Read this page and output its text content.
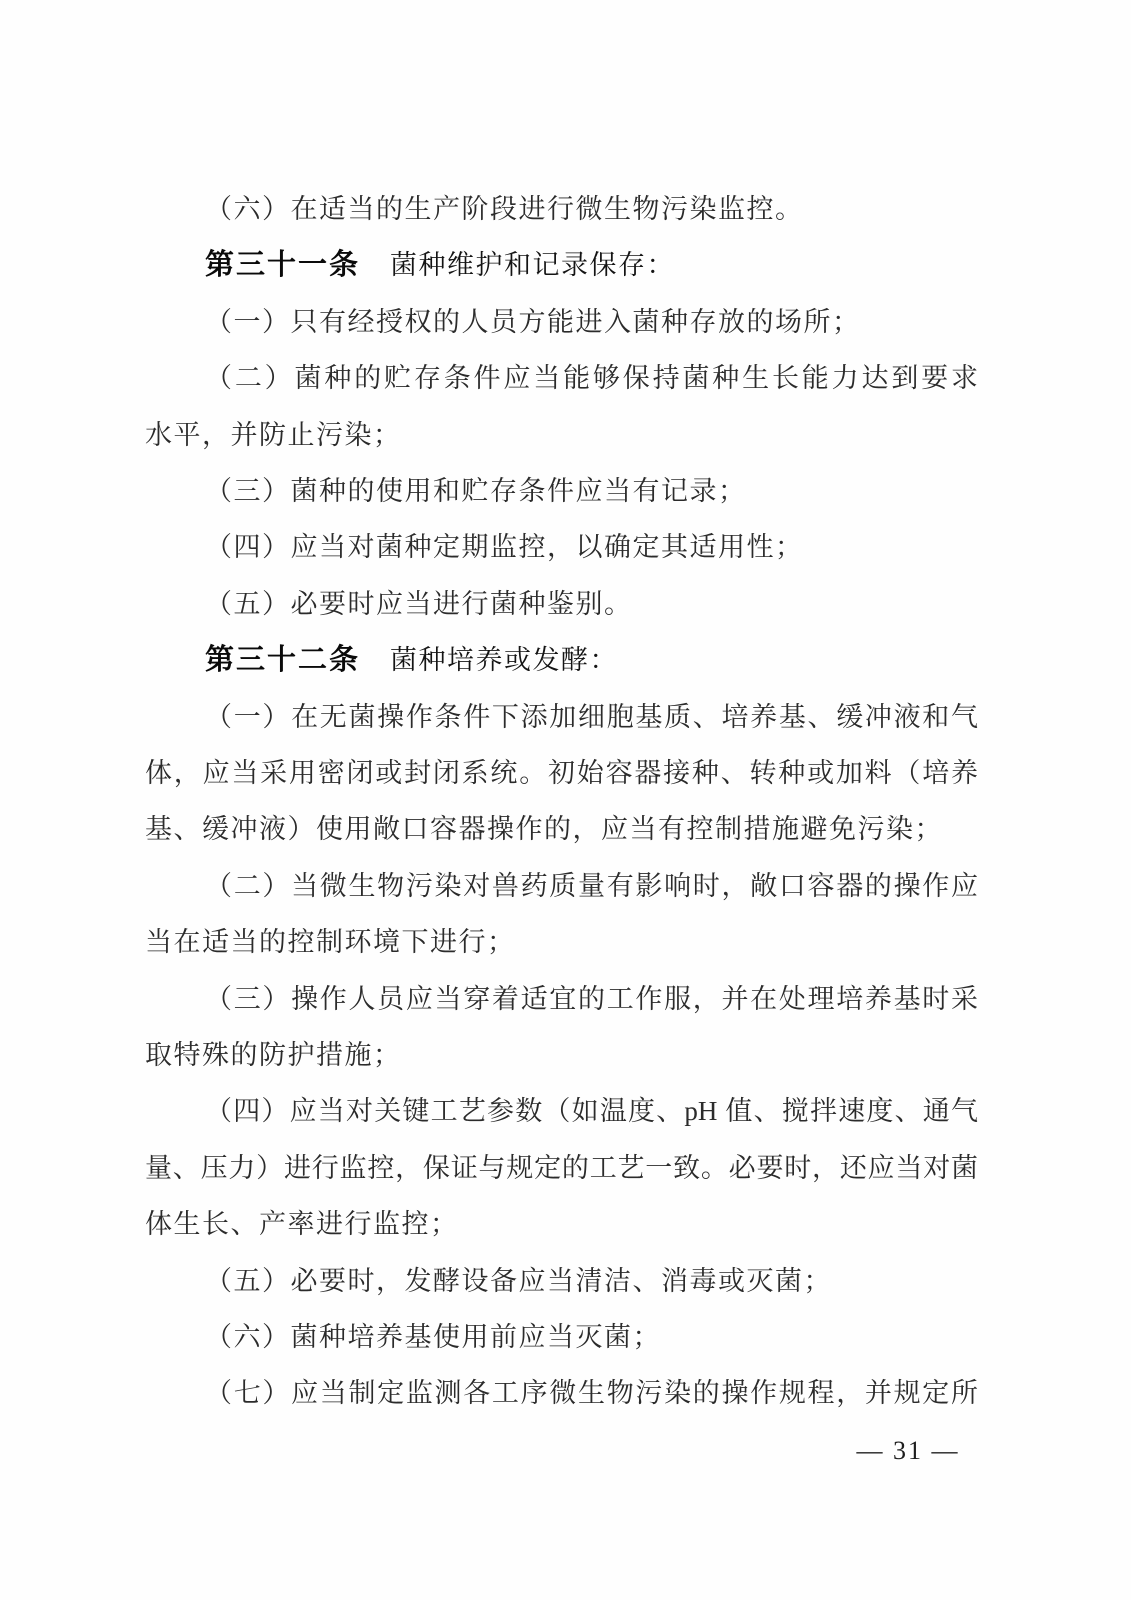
（六）在适当的生产阶段进行微生物污染监控。
第三十一条 菌种维护和记录保存：
（一）只有经授权的人员方能进入菌种存放的场所；
（二）菌种的贮存条件应当能够保持菌种生长能力达到要求
水平，并防止污染；
（三）菌种的使用和贮存条件应当有记录；
（四）应当对菌种定期监控，以确定其适用性；
（五）必要时应当进行菌种鉴别。
第三十二条 菌种培养或发酵：
（一）在无菌操作条件下添加细胞基质、培养基、缓冲液和气
体，应当采用密闭或封闭系统。初始容器接种、转种或加料（培养
基、缓冲液）使用敞口容器操作的，应当有控制措施避免污染；
（二）当微生物污染对兽药质量有影响时，敞口容器的操作应
当在适当的控制环境下进行；
（三）操作人员应当穿着适宜的工作服，并在处理培养基时采
取特殊的防护措施；
（四）应当对关键工艺参数（如温度、pH 值、搅拌速度、通气
量、压力）进行监控，保证与规定的工艺一致。必要时，还应当对菌
体生长、产率进行监控；
（五）必要时，发酵设备应当清洁、消毒或灭菌；
（六）菌种培养基使用前应当灭菌；
（七）应当制定监测各工序微生物污染的操作规程，并规定所
— 31 —
